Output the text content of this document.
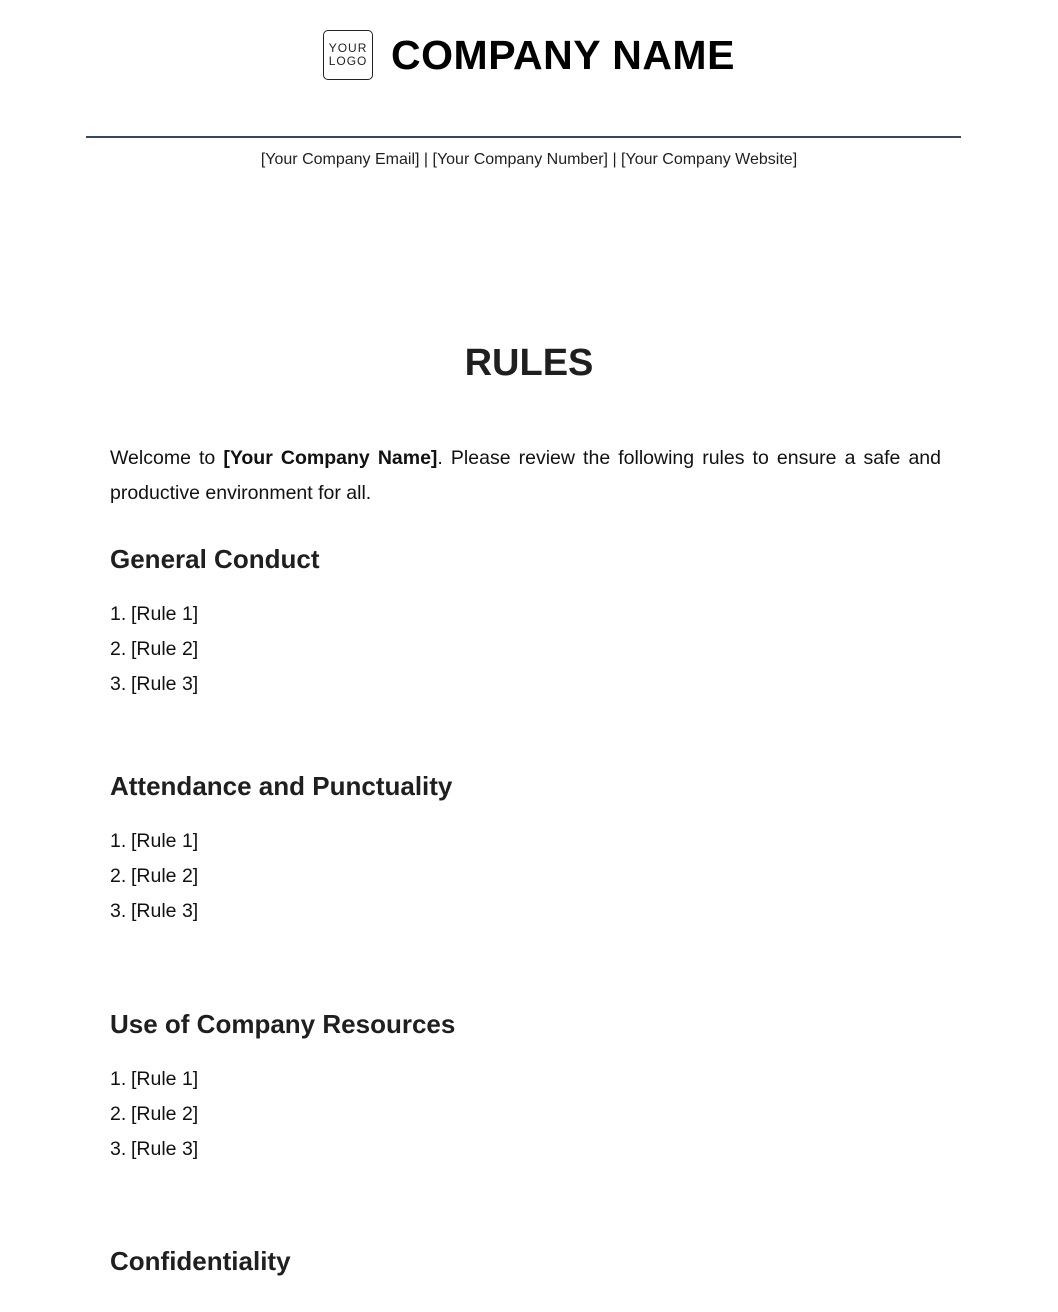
YOUR
LOGO COMPANY NAME
[Your Company Email] | [Your Company Number] | [Your Company Website]
RULES

Welcome to [Your Company Name]. Please review the following rules to ensure a safe and productive environment for all.

General Conduct
1. [Rule 1]
2. [Rule 2]
3. [Rule 3]
Attendance and Punctuality
1. [Rule 1]
2. [Rule 2]
3. [Rule 3]
Use of Company Resources
1. [Rule 1]
2. [Rule 2]
3. [Rule 3]
Confidentiality
